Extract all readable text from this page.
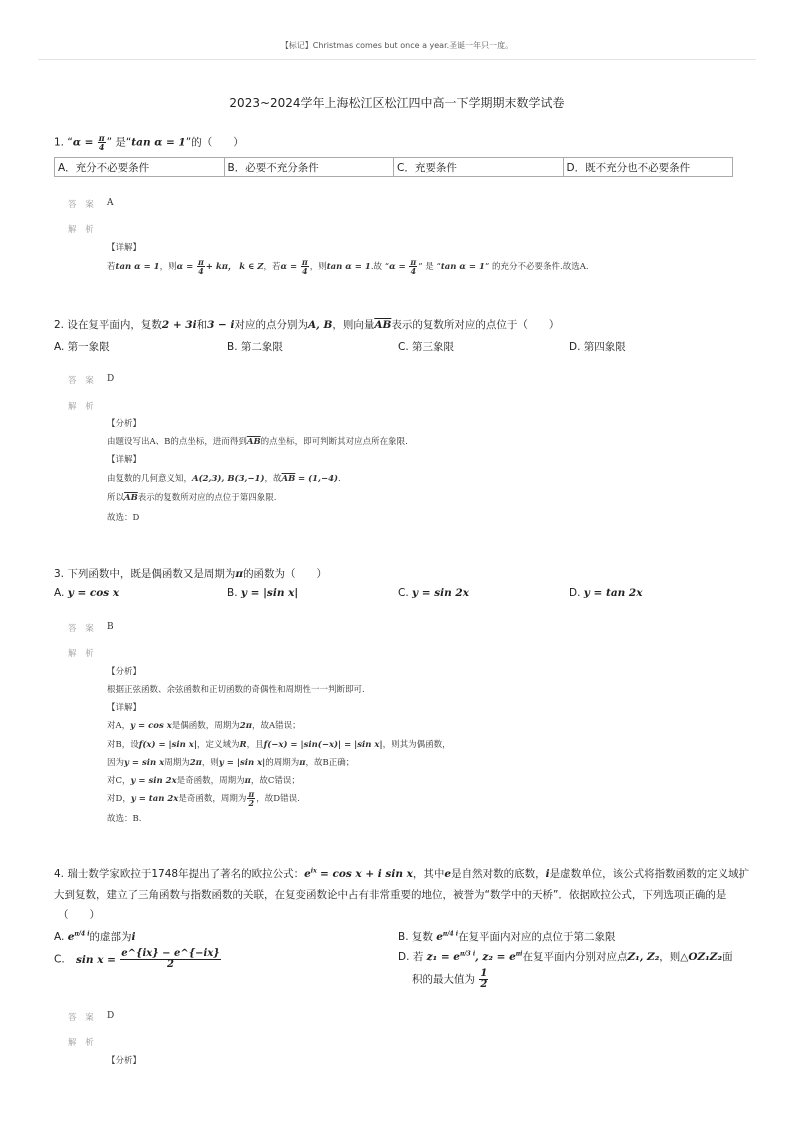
【标记】Christmas comes but once a year.圣诞一年只一度。
2023~2024学年上海松江区松江四中高一下学期期末数学试卷
1. “$\alpha = \frac{\pi}{4}$ ” 是“tan α = 1”的（　　）
A．充分不必要条件	B．必要不充分条件	C．充要条件	D．既不充分也不必要条件
答 案 A
解 析
【详解】
若tan α = 1，则$\alpha = \frac{\pi}{4} + k\pi$， k ∈ Z，若$\alpha = \frac{\pi}{4}$ ，则tan α = 1.故 “$\alpha = \frac{\pi}{4}$ ” 是 “tan α = 1” 的充分不必要条件.故选A.
2. 设在复平面内，复数2 + 3i和3 − i对应的点分别为A, B，则向量$\overline{AB}$表示的复数所对应的点位于（　　）
A. 第一象限	B. 第二象限	C. 第三象限	D. 第四象限
答 案 D
解 析
【分析】
由题设写出A、B的点坐标，进而得到$\overline{AB}$的点坐标，即可判断其对应点所在象限.
【详解】
由复数的几何意义知，A(2,3), B(3,−1)，故$\overline{AB} = (1,-4)$.
所以$\overline{AB}$表示的复数所对应的点位于第四象限.
故选：D
3. 下列函数中，既是偶函数又是周期为π的函数为（　　）
A. y = cos x	B. y = |sin x|	C. y = sin 2x	D. y = tan 2x
答 案 B
解 析
【分析】
根据正弦函数、余弦函数和正切函数的奇偶性和周期性一一判断即可.
【详解】
对A，y = cos x是偶函数，周期为2π，故A错误；
对B，设f(x) = |sin x|，定义域为R，且f(−x) = |sin(−x)| = |sin x|，则其为偶函数，
因为y = sin x周期为2π，则y = |sin x|的周期为π，故B正确；
对C，y = sin 2x是奇函数，周期为π，故C错误；
对D，y = tan 2x是奇函数，周期为 $\frac{\pi}{2}$ ，故D错误.
故选：B.
4. 瑞士数学家欧拉于1748年提出了著名的欧拉公式：$e^{ix} = \cos x + i$ sin x，其中e是自然对数的底数，i是虚数单位，该公式将指数函数的定义域扩
大到复数，建立了三角函数与指数函数的关联，在复变函数论中占有非常重要的地位，被誉为“数学中的天桥”．依据欧拉公式，下列选项正确的是
（　　）
A. $e^{\pi/4 i}$的虚部为i	B. 复数 $e^{\pi/4 i}$在复平面内对应的点位于第二象限
C. $\sin x = \frac{e\^{}\{ix\} - e\^{}\{-ix\}}{2}$	D. 若 $z_1 = e^{\pi/3 i}$, $z_2 = e^{\pi i}$在复平面内分别对应点Z₁, Z₂，则△OZ₁Z₂面
积的最大值为 $\frac{1}{2}$
答 案 D
解 析
【分析】
